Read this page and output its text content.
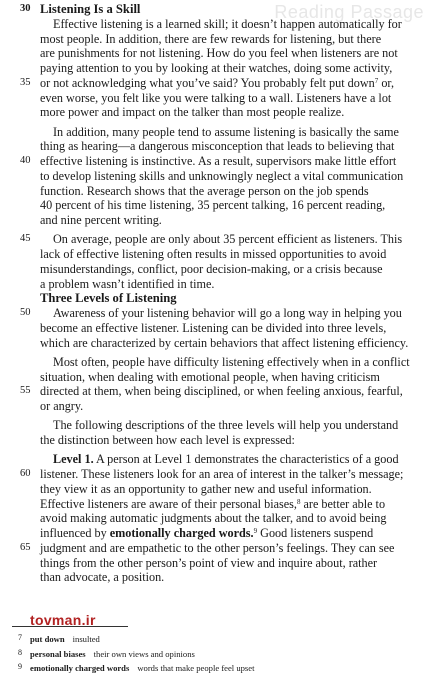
Reading Passage
30 Listening Is a Skill
Effective listening is a learned skill; it doesn’t happen automatically for
most people. In addition, there are few rewards for listening, but there
are punishments for not listening. How do you feel when listeners are not
paying attention to you by looking at their watches, doing some activity,
35 or not acknowledging what you’ve said? You probably felt put down$^7$ or,
even worse, you felt like you were talking to a wall. Listeners have a lot
more power and impact on the talker than most people realize.
In addition, many people tend to assume listening is basically the same
thing as hearing—a dangerous misconception that leads to believing that
40 effective listening is instinctive. As a result, supervisors make little effort
to develop listening skills and unknowingly neglect a vital communication
function. Research shows that the average person on the job spends
40 percent of his time listening, 35 percent talking, 16 percent reading,
and nine percent writing.
45 On average, people are only about 35 percent efficient as listeners. This
lack of effective listening often results in missed opportunities to avoid
misunderstandings, conflict, poor decision-making, or a crisis because
a problem wasn’t identified in time.
Three Levels of Listening
50 Awareness of your listening behavior will go a long way in helping you
become an effective listener. Listening can be divided into three levels,
which are characterized by certain behaviors that affect listening efficiency.
Most often, people have difficulty listening effectively when in a conflict
situation, when dealing with emotional people, when having criticism
55 directed at them, when being disciplined, or when feeling anxious, fearful,
or angry.
The following descriptions of the three levels will help you understand
the distinction between how each level is expressed:
Level 1. A person at Level 1 demonstrates the characteristics of a good
60 listener. These listeners look for an area of interest in the talker’s message;
they view it as an opportunity to gather new and useful information.
Effective listeners are aware of their personal biases,$^8$ are better able to
avoid making automatic judgments about the talker, and to avoid being
influenced by emotionally charged words.$^9$ Good listeners suspend
65 judgment and are empathetic to the other person’s feelings. They can see
things from the other person’s point of view and inquire about, rather
than advocate, a position.
tovman.ir
7 put down insulted
8 personal biases their own views and opinions
9 emotionally charged words words that make people feel upset
